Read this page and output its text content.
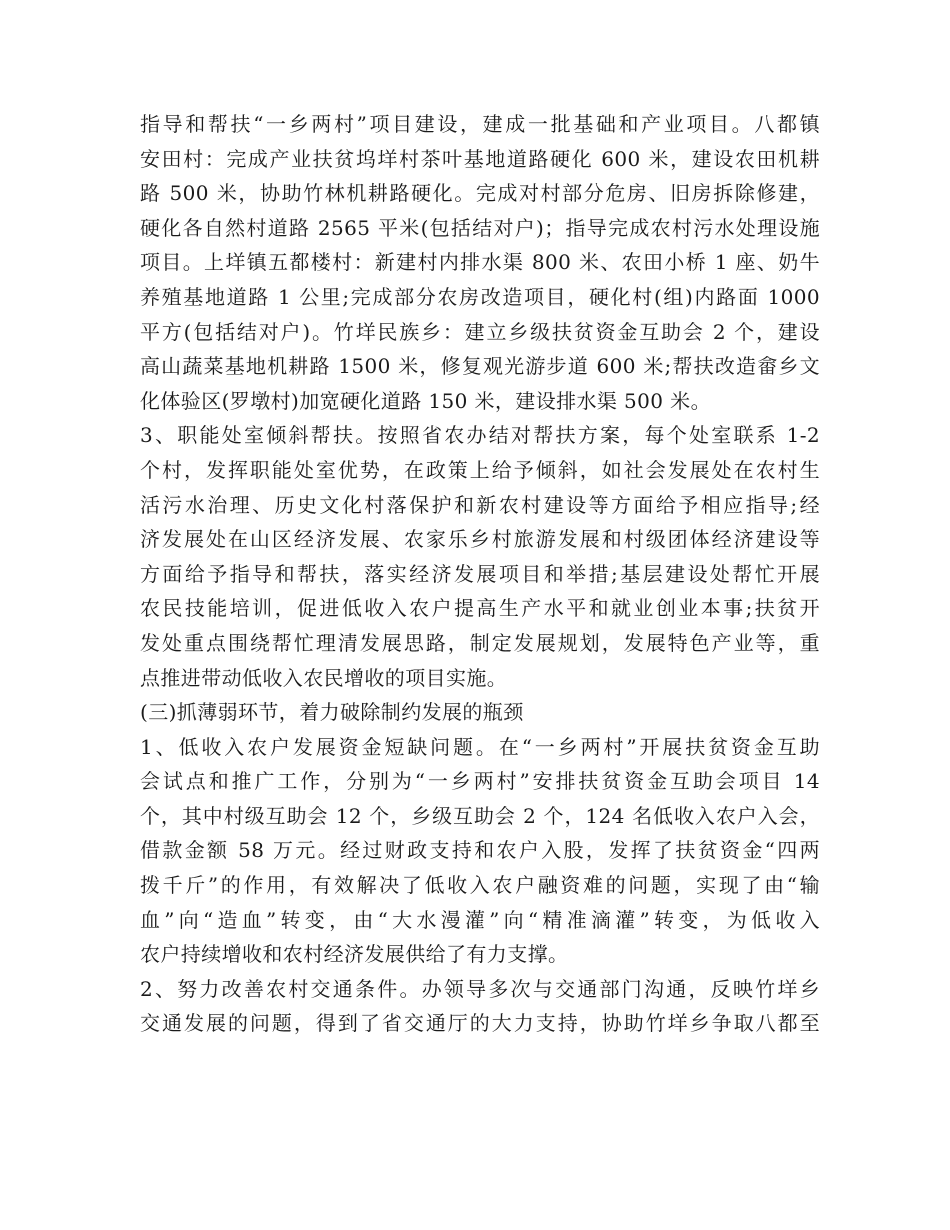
指导和帮扶“一乡两村”项目建设，建成一批基础和产业项目。八都镇
安田村：完成产业扶贫坞垟村茶叶基地道路硬化 600 米，建设农田机耕
路 500 米，协助竹林机耕路硬化。完成对村部分危房、旧房拆除修建，
硬化各自然村道路 2565 平米(包括结对户)；指导完成农村污水处理设施
项目。上垟镇五都楼村：新建村内排水渠 800 米、农田小桥 1 座、奶牛
养殖基地道路 1 公里;完成部分农房改造项目，硬化村(组)内路面 1000
平方(包括结对户)。竹垟民族乡：建立乡级扶贫资金互助会 2 个，建设
高山蔬菜基地机耕路 1500 米，修复观光游步道 600 米;帮扶改造畲乡文
化体验区(罗墩村)加宽硬化道路 150 米，建设排水渠 500 米。
3、职能处室倾斜帮扶。按照省农办结对帮扶方案，每个处室联系 1-2
个村，发挥职能处室优势，在政策上给予倾斜，如社会发展处在农村生
活污水治理、历史文化村落保护和新农村建设等方面给予相应指导;经
济发展处在山区经济发展、农家乐乡村旅游发展和村级团体经济建设等
方面给予指导和帮扶，落实经济发展项目和举措;基层建设处帮忙开展
农民技能培训，促进低收入农户提高生产水平和就业创业本事;扶贫开
发处重点围绕帮忙理清发展思路，制定发展规划，发展特色产业等，重
点推进带动低收入农民增收的项目实施。
(三)抓薄弱环节，着力破除制约发展的瓶颈
1、低收入农户发展资金短缺问题。在“一乡两村”开展扶贫资金互助
会试点和推广工作，分别为“一乡两村”安排扶贫资金互助会项目 14
个，其中村级互助会 12 个，乡级互助会 2 个，124 名低收入农户入会，
借款金额 58 万元。经过财政支持和农户入股，发挥了扶贫资金“四两
拨千斤”的作用，有效解决了低收入农户融资难的问题，实现了由“输
血”向“造血”转变，由“大水漫灌”向“精准滴灌”转变，为低收入
农户持续增收和农村经济发展供给了有力支撑。
2、努力改善农村交通条件。办领导多次与交通部门沟通，反映竹垟乡
交通发展的问题，得到了省交通厅的大力支持，协助竹垟乡争取八都至
